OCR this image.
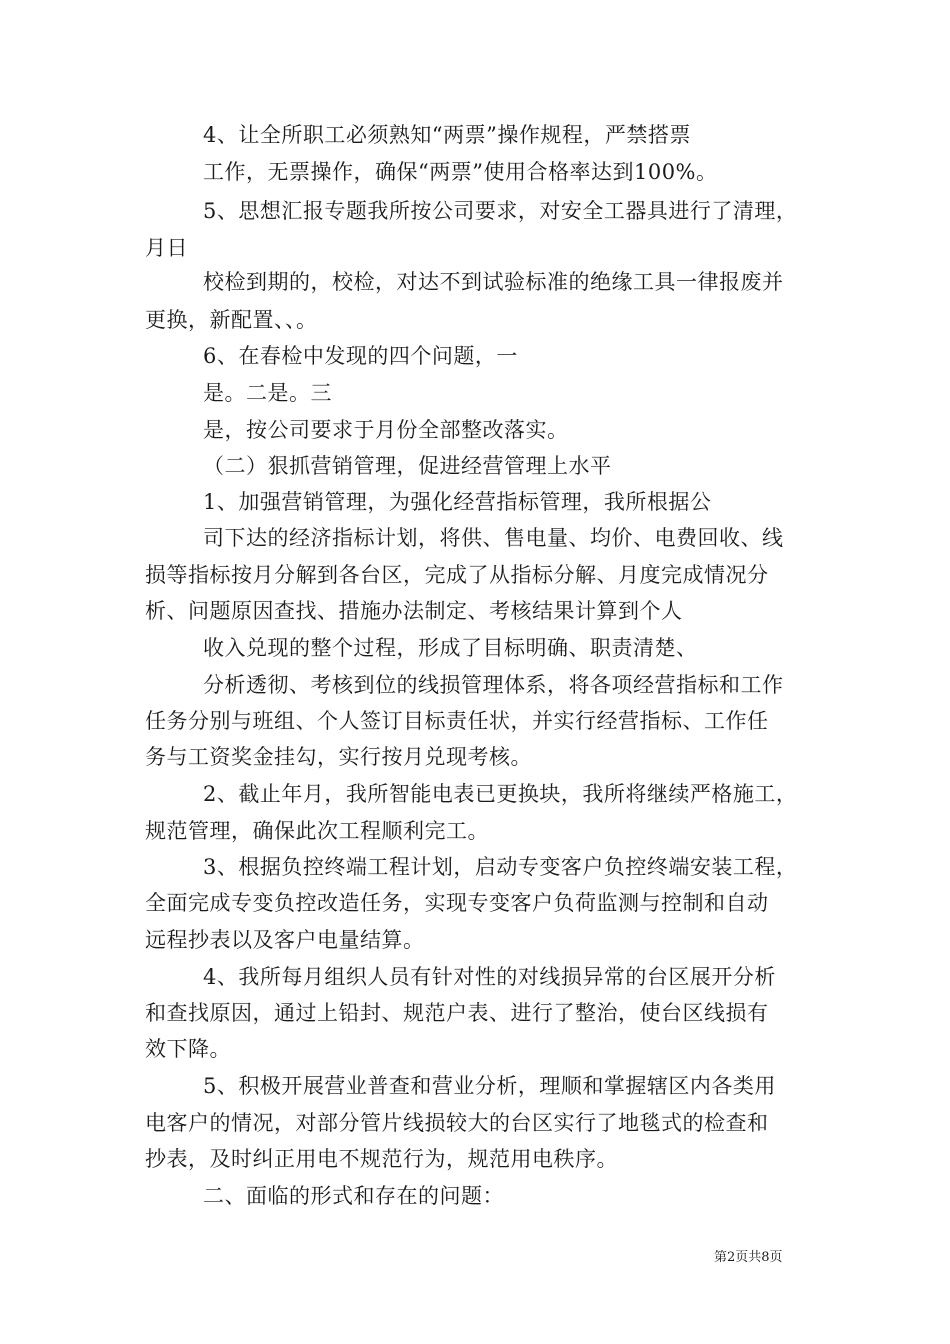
4、让全所职工必须熟知“两票”操作规程，严禁搭票
工作，无票操作，确保“两票”使用合格率达到100%。
5、思想汇报专题我所按公司要求，对安全工器具进行了清理，
月日
校检到期的，校检，对达不到试验标准的绝缘工具一律报废并
更换，新配置、、。
6、在春检中发现的四个问题，一
是。二是。三
是，按公司要求于月份全部整改落实。
（二）狠抓营销管理，促进经营管理上水平
1、加强营销管理，为强化经营指标管理，我所根据公
司下达的经济指标计划，将供、售电量、均价、电费回收、线
损等指标按月分解到各台区，完成了从指标分解、月度完成情况分
析、问题原因查找、措施办法制定、考核结果计算到个人
收入兑现的整个过程，形成了目标明确、职责清楚、
分析透彻、考核到位的线损管理体系，将各项经营指标和工作
任务分别与班组、个人签订目标责任状，并实行经营指标、工作任
务与工资奖金挂勾，实行按月兑现考核。
2、截止年月，我所智能电表已更换块，我所将继续严格施工，
规范管理，确保此次工程顺利完工。
3、根据负控终端工程计划，启动专变客户负控终端安装工程，
全面完成专变负控改造任务，实现专变客户负荷监测与控制和自动
远程抄表以及客户电量结算。
4、我所每月组织人员有针对性的对线损异常的台区展开分析
和查找原因，通过上铅封、规范户表、进行了整治，使台区线损有
效下降。
5、积极开展营业普查和营业分析，理顺和掌握辖区内各类用
电客户的情况，对部分管片线损较大的台区实行了地毯式的检查和
抄表，及时纠正用电不规范行为，规范用电秩序。
二、面临的形式和存在的问题：
第2页共8页
